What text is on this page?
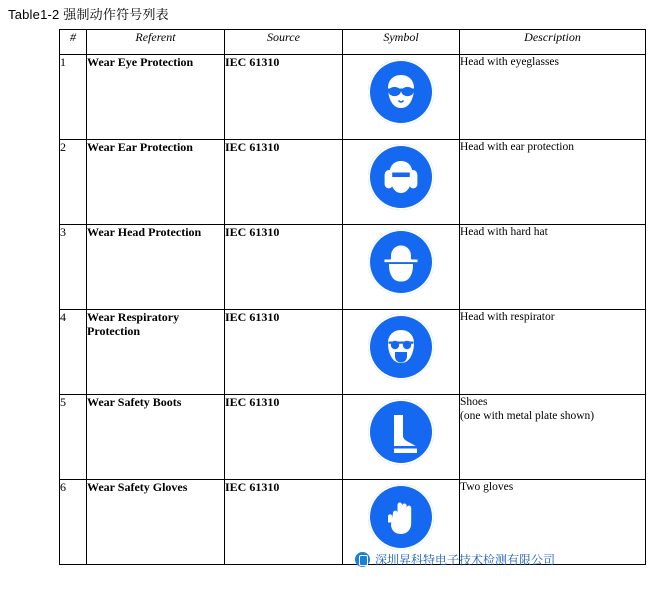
Table1-2 强制动作符号列表
#	Referent	Source	Symbol	Description
1	Wear Eye Protection	IEC 61310		Head with eyeglasses
2	Wear Ear Protection	IEC 61310		Head with ear protection
3	Wear Head Protection	IEC 61310		Head with hard hat
4	Wear Respiratory Protection	IEC 61310		Head with respirator
5	Wear Safety Boots	IEC 61310		Shoes
(one with metal plate shown)

6	Wear Safety Gloves	IEC 61310		Two gloves
深圳昇科特电子技术检测有限公司
